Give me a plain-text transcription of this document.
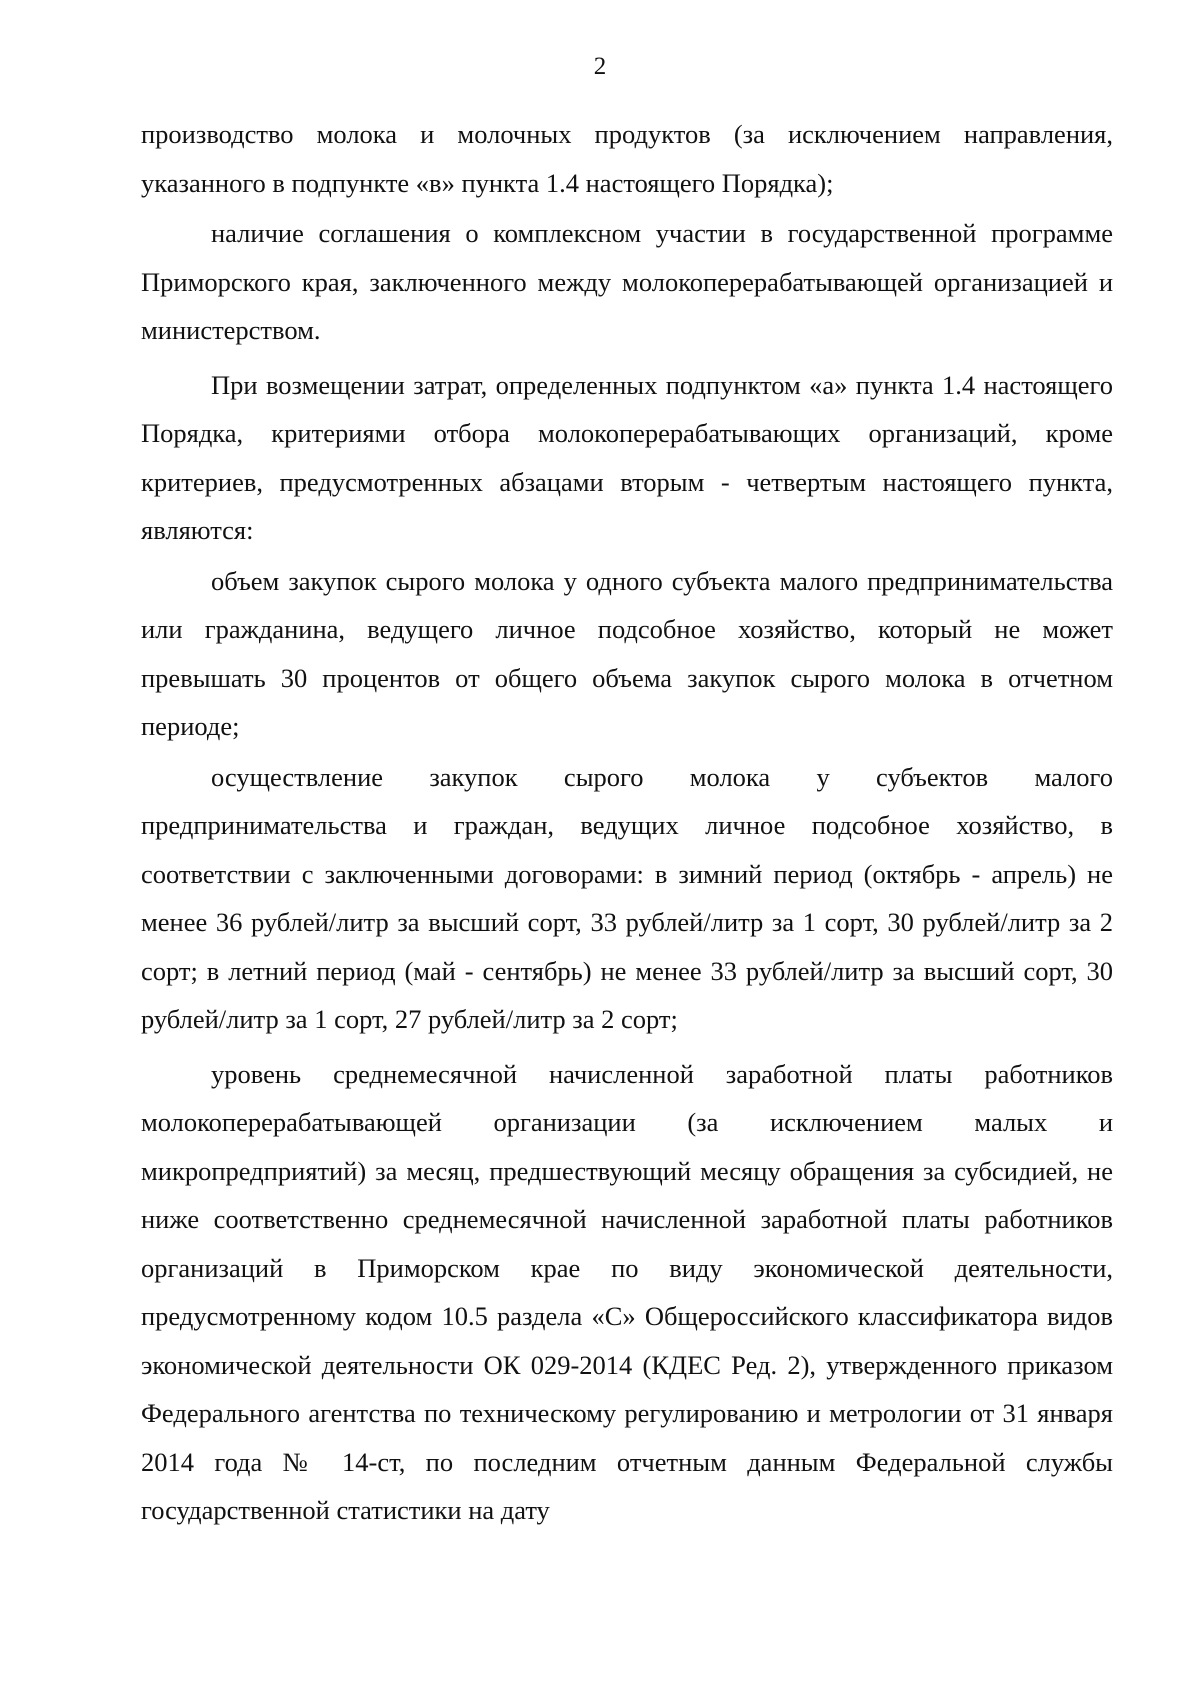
2

производство молока и молочных продуктов (за исключением направления, указанного в подпункте «в» пункта 1.4 настоящего Порядка);

наличие соглашения о комплексном участии в государственной программе Приморского края, заключенного между молокоперерабатывающей организацией и министерством.

При возмещении затрат, определенных подпунктом «а» пункта 1.4 настоящего Порядка, критериями отбора молокоперерабатывающих организаций, кроме критериев, предусмотренных абзацами вторым - четвертым настоящего пункта, являются:

объем закупок сырого молока у одного субъекта малого предпринимательства или гражданина, ведущего личное подсобное хозяйство, который не может превышать 30 процентов от общего объема закупок сырого молока в отчетном периоде;

осуществление закупок сырого молока у субъектов малого предпринимательства и граждан, ведущих личное подсобное хозяйство, в соответствии с заключенными договорами: в зимний период (октябрь - апрель) не менее 36 рублей/литр за высший сорт, 33 рублей/литр за 1 сорт, 30 рублей/литр за 2 сорт; в летний период (май - сентябрь) не менее 33 рублей/литр за высший сорт, 30 рублей/литр за 1 сорт, 27 рублей/литр за 2 сорт;

уровень среднемесячной начисленной заработной платы работников молокоперерабатывающей организации (за исключением малых и микропредприятий) за месяц, предшествующий месяцу обращения за субсидией, не ниже соответственно среднемесячной начисленной заработной платы работников организаций в Приморском крае по виду экономической деятельности, предусмотренному кодом 10.5 раздела «С» Общероссийского классификатора видов экономической деятельности ОК 029-2014 (КДЕС Ред. 2), утвержденного приказом Федерального агентства по техническому регулированию и метрологии от 31 января 2014 года № 14-ст, по последним отчетным данным Федеральной службы государственной статистики на дату
